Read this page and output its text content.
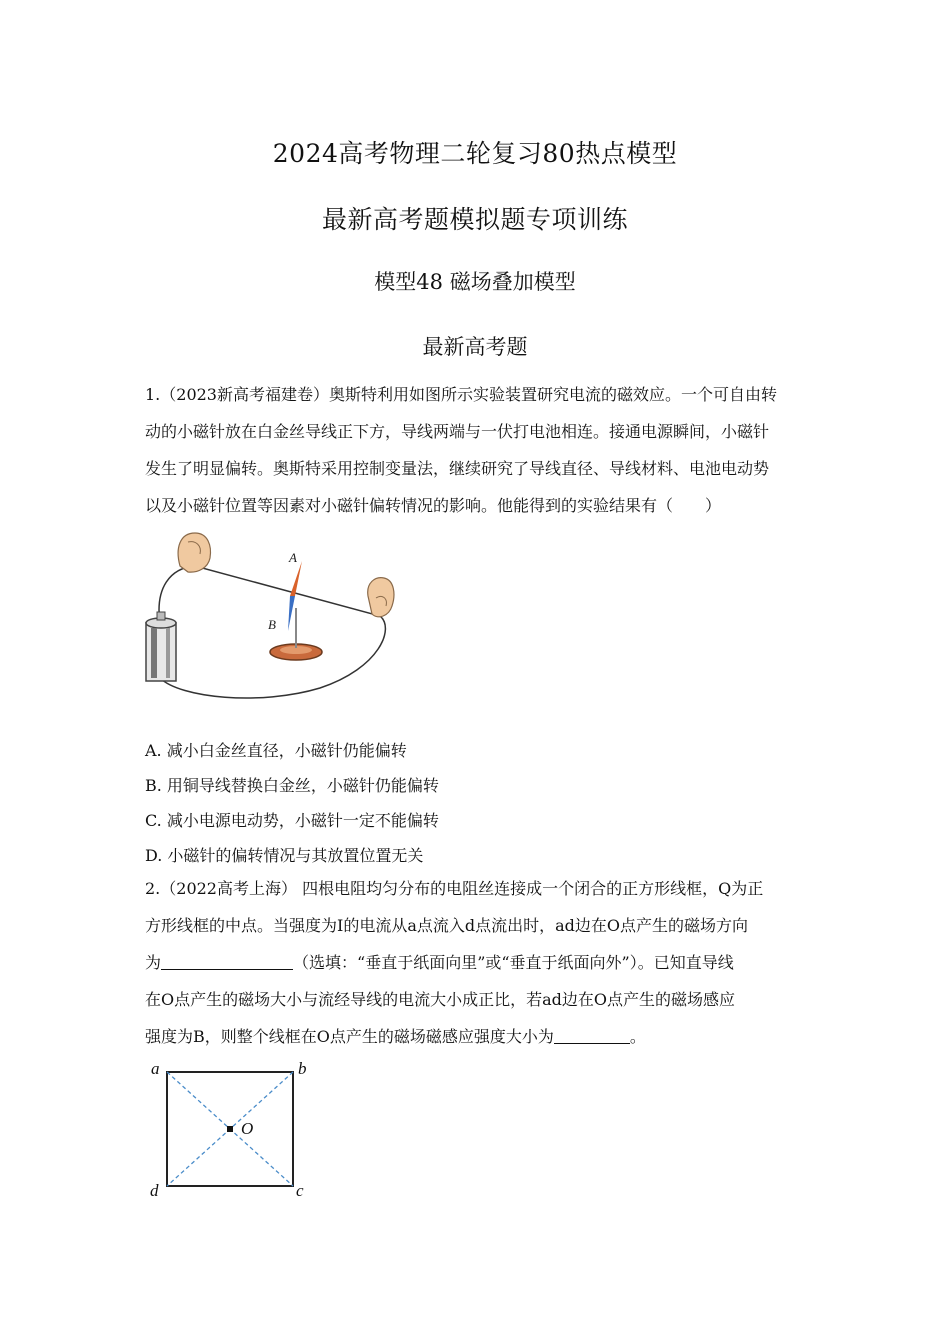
2024高考物理二轮复习80热点模型
最新高考题模拟题专项训练
模型48 磁场叠加模型
最新高考题
1.（2023新高考福建卷）奥斯特利用如图所示实验装置研究电流的磁效应。一个可自由转
动的小磁针放在白金丝导线正下方，导线两端与一伏打电池相连。接通电源瞬间，小磁针
发生了明显偏转。奥斯特采用控制变量法，继续研究了导线直径、导线材料、电池电动势
以及小磁针位置等因素对小磁针偏转情况的影响。他能得到的实验结果有（　　）
A
B
A. 减小白金丝直径，小磁针仍能偏转
B. 用铜导线替换白金丝，小磁针仍能偏转
C. 减小电源电动势，小磁针一定不能偏转
D. 小磁针的偏转情况与其放置位置无关
2.（2022高考上海） 四根电阻均匀分布的电阻丝连接成一个闭合的正方形线框，Q为正
方形线框的中点。当强度为I的电流从a点流入d点流出时，ad边在O点产生的磁场方向
为	（选填：“垂直于纸面向里”或“垂直于纸面向外”）。已知直导线
在O点产生的磁场大小与流经导线的电流大小成正比，若ad边在O点产生的磁场感应
强度为B，则整个线框在O点产生的磁场磁感应强度大小为	。
a	b
c
d
O
